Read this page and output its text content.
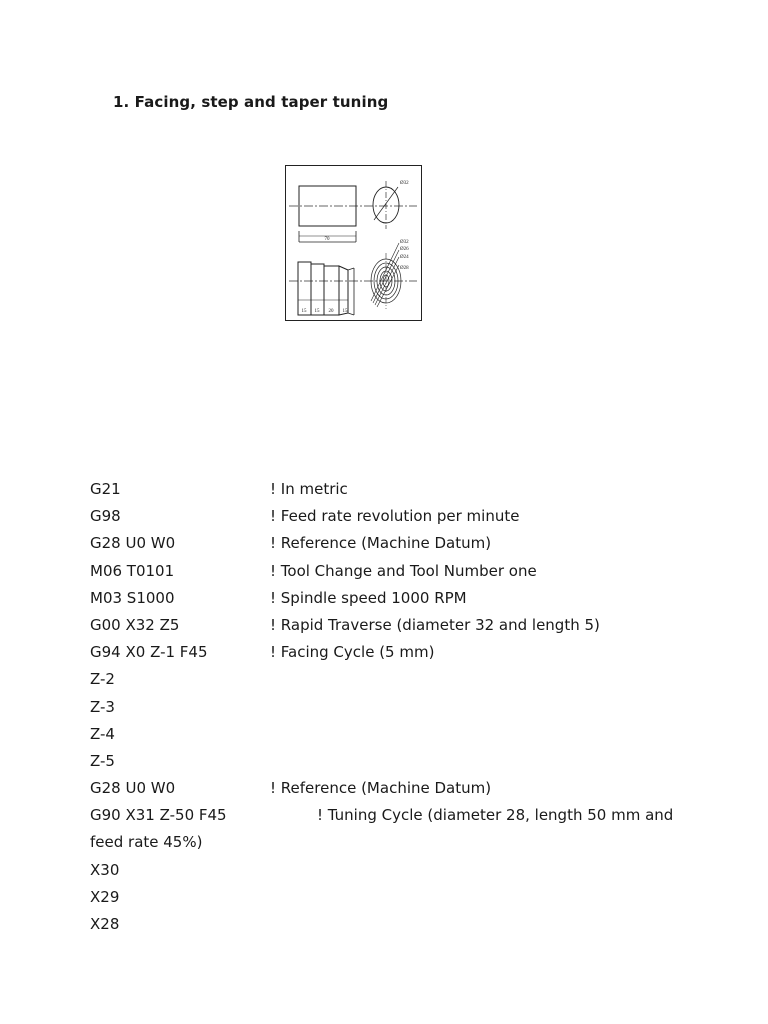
1. Facing, step and taper tuning
70
Ø32
15 15 20 15
Ø32
Ø26
Ø24
Ø28
G21	! In metric
G98	! Feed rate revolution per minute
G28 U0 W0	! Reference (Machine Datum)
M06 T0101	! Tool Change and Tool Number one
M03 S1000	! Spindle speed 1000 RPM
G00 X32 Z5	! Rapid Traverse (diameter 32 and length 5)
G94 X0 Z-1 F45	! Facing Cycle (5 mm)
Z-2
Z-3
Z-4
Z-5
G28 U0 W0	! Reference (Machine Datum)
G90 X31 Z-50 F45	! Tuning Cycle (diameter 28, length 50 mm and
feed rate 45%)
X30
X29
X28
